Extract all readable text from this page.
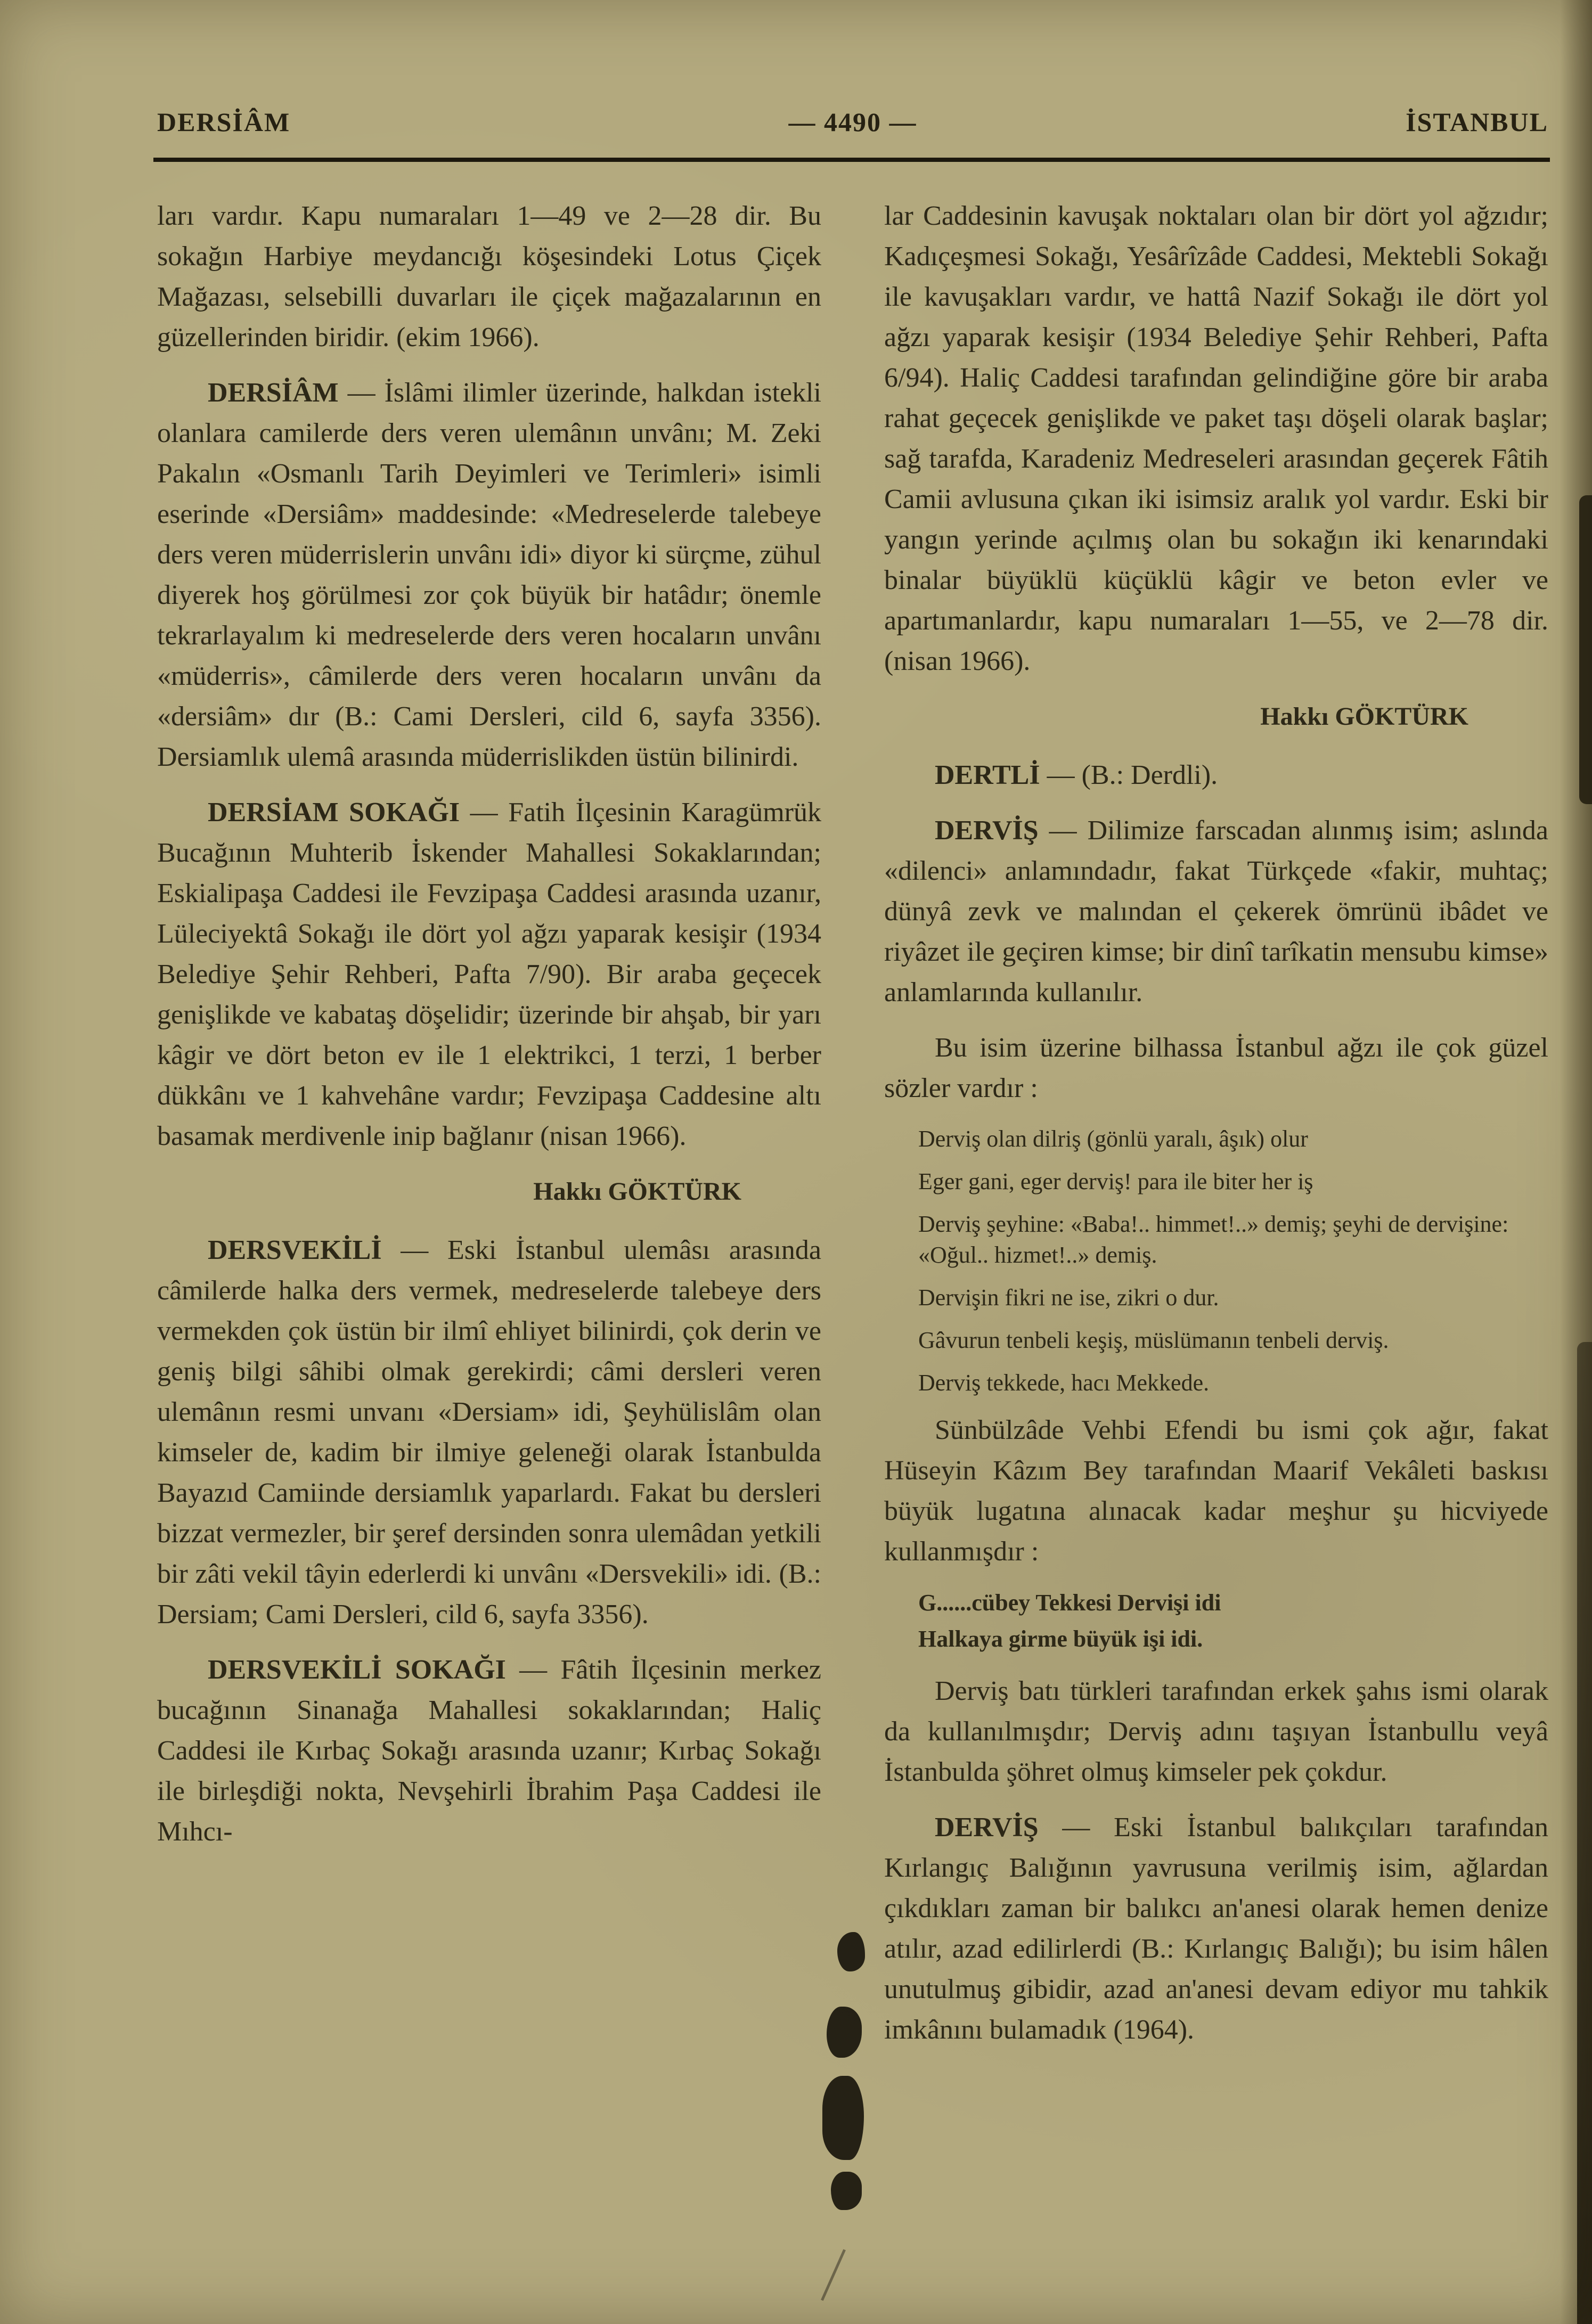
DERSİÂM	— 4490 —	İSTANBUL

ları vardır. Kapu numaraları 1—49 ve 2—28 dir. Bu sokağın Harbiye meydancığı köşesindeki Lotus Çiçek Mağazası, selsebilli duvarları ile çiçek mağazalarının en güzellerinden biridir. (ekim 1966).

DERSİÂM — İslâmi ilimler üzerinde, halkdan istekli olanlara camilerde ders veren ulemânın unvânı; M. Zeki Pakalın «Osmanlı Tarih Deyimleri ve Terimleri» isimli eserinde «Dersiâm» maddesinde: «Medreselerde talebeye ders veren müderrislerin unvânı idi» diyor ki sürçme, zühul diyerek hoş görülmesi zor çok büyük bir hatâdır; önemle tekrarlayalım ki medreselerde ders veren hocaların unvânı «müderris», câmilerde ders veren hocaların unvânı da «dersiâm» dır (B.: Cami Dersleri, cild 6, sayfa 3356). Dersiamlık ulemâ arasında müderrislikden üstün bilinirdi.

DERSİAM SOKAĞI — Fatih İlçesinin Karagümrük Bucağının Muhterib İskender Mahallesi Sokaklarından; Eskialipaşa Caddesi ile Fevzipaşa Caddesi arasında uzanır, Lüleciyektâ Sokağı ile dört yol ağzı yaparak kesişir (1934 Belediye Şehir Rehberi, Pafta 7/90). Bir araba geçecek genişlikde ve kabataş döşelidir; üzerinde bir ahşab, bir yarı kâgir ve dört beton ev ile 1 elektrikci, 1 terzi, 1 berber dükkânı ve 1 kahvehâne vardır; Fevzipaşa Caddesine altı basamak merdivenle inip bağlanır (nisan 1966).

Hakkı GÖKTÜRK

DERSVEKİLİ — Eski İstanbul ulemâsı arasında câmilerde halka ders vermek, medreselerde talebeye ders vermekden çok üstün bir ilmî ehliyet bilinirdi, çok derin ve geniş bilgi sâhibi olmak gerekirdi; câmi dersleri veren ulemânın resmi unvanı «Dersiam» idi, Şeyhülislâm olan kimseler de, kadim bir ilmiye geleneği olarak İstanbulda Bayazıd Camiinde dersiamlık yaparlardı. Fakat bu dersleri bizzat vermezler, bir şeref dersinden sonra ulemâdan yetkili bir zâti vekil tâyin ederlerdi ki unvânı «Dersvekili» idi. (B.: Dersiam; Cami Dersleri, cild 6, sayfa 3356).

DERSVEKİLİ SOKAĞI — Fâtih İlçesinin merkez bucağının Sinanağa Mahallesi sokaklarından; Haliç Caddesi ile Kırbaç Sokağı arasında uzanır; Kırbaç Sokağı ile birleşdiği nokta, Nevşehirli İbrahim Paşa Caddesi ile Mıhcı-

lar Caddesinin kavuşak noktaları olan bir dört yol ağzıdır; Kadıçeşmesi Sokağı, Yesârîzâde Caddesi, Mektebli Sokağı ile kavuşakları vardır, ve hattâ Nazif Sokağı ile dört yol ağzı yaparak kesişir (1934 Belediye Şehir Rehberi, Pafta 6/94). Haliç Caddesi tarafından gelindiğine göre bir araba rahat geçecek genişlikde ve paket taşı döşeli olarak başlar; sağ tarafda, Karadeniz Medreseleri arasından geçerek Fâtih Camii avlusuna çıkan iki isimsiz aralık yol vardır. Eski bir yangın yerinde açılmış olan bu sokağın iki kenarındaki binalar büyüklü küçüklü kâgir ve beton evler ve apartımanlardır, kapu numaraları 1—55, ve 2—78 dir. (nisan 1966).

Hakkı GÖKTÜRK

DERTLİ — (B.: Derdli).

DERVİŞ — Dilimize farscadan alınmış isim; aslında «dilenci» anlamındadır, fakat Türkçede «fakir, muhtaç; dünyâ zevk ve malından el çekerek ömrünü ibâdet ve riyâzet ile geçiren kimse; bir dinî tarîkatin mensubu kimse» anlamlarında kullanılır.

Bu isim üzerine bilhassa İstanbul ağzı ile çok güzel sözler vardır :

Derviş olan dilriş (gönlü yaralı, âşık) olur

Eger gani, eger derviş! para ile biter her iş

Derviş şeyhine: «Baba!.. himmet!..» demiş; şeyhi de dervişine: «Oğul.. hizmet!..» demiş.

Dervişin fikri ne ise, zikri o dur.

Gâvurun tenbeli keşiş, müslümanın tenbeli derviş.

Derviş tekkede, hacı Mekkede.

Sünbülzâde Vehbi Efendi bu ismi çok ağır, fakat Hüseyin Kâzım Bey tarafından Maarif Vekâleti baskısı büyük lugatına alınacak kadar meşhur şu hicviyede kullanmışdır :

G......cübey Tekkesi Dervişi idi

Halkaya girme büyük işi idi.

Derviş batı türkleri tarafından erkek şahıs ismi olarak da kullanılmışdır; Derviş adını taşıyan İstanbullu veyâ İstanbulda şöhret olmuş kimseler pek çokdur.

DERVİŞ — Eski İstanbul balıkçıları tarafından Kırlangıç Balığının yavrusuna verilmiş isim, ağlardan çıkdıkları zaman bir balıkcı an'anesi olarak hemen denize atılır, azad edilirlerdi (B.: Kırlangıç Balığı); bu isim hâlen unutulmuş gibidir, azad an'anesi devam ediyor mu tahkik imkânını bulamadık (1964).
